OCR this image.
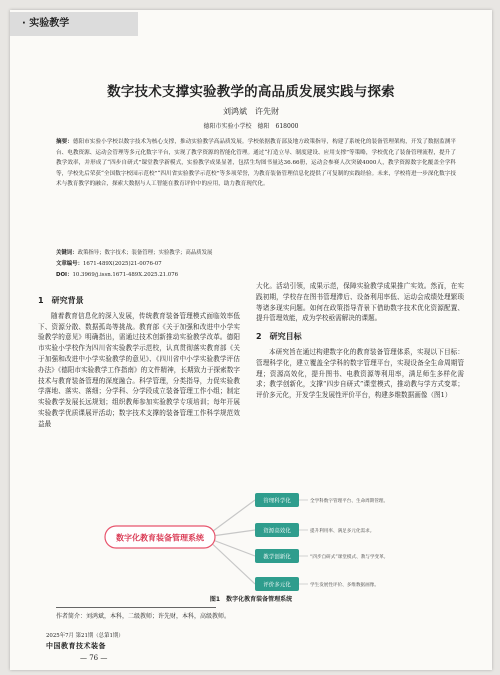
· 实验教学
数字技术支撑实验教学的高品质发展实践与探索
刘鸿斌　许先财
德阳市实验小学校　德阳　618000
摘要：德阳市实验小学校以数字技术为核心支撑，推动实验教学高品质发展。学校依据教育部及地方政策指导，构建了系统化的装备管理架构，开发了数据监测平台、电教资源、运动会管理等多元化数字平台，实现了教学资源的智能化管理。通过“打造立导、制度建设、应用支撑”等策略，学校优化了装备管理流程，提升了教学效率，并形成了“四步自研式”课堂教学新模式，实验教学成果显著，包括生均图书量达36.66册，运动会参赛人次突破4000人，教学资源数字化覆盖全学科等，学校先后荣获“全国数字校园示范校”“四川省实验教学示范校”等多项荣誉，为教育装备管理信息化提供了可复制的实践经验。未来，学校将进一步深化数字技术与教育教学的融合，探索大数据与人工智能在教育评价中的应用，助力教育现代化。
关键词：政策指导；数字技术；装备管理；实验教学；高品质发展
文章编号：1671-489X(2025)21-0076-07
DOI：10.3969/j.issn.1671-489X.2025.21.076
1　研究背景

随着教育信息化的深入发展，传统教育装备管理模式面临效率低下、资源分散、数据孤岛等挑战。教育部《关于加强和改进中小学实验教学的意见》明确指出，需通过技术创新推动实验教学改革。德阳市实验小学校作为四川省实验教学示范校，认真贯彻落实教育部《关于加强和改进中小学实验教学的意见》、《四川省中小学实验教学评估办法》《德阳市实验教学工作指南》的文件精神，长期致力于探索数字技术与教育装备管理的深度融合。科学管理，分类指导，力促实验教学落地、落实、落细；分学科、分学段成立装备管理工作小组；制定实验教学发展长远规划；组织教师参加实验教学专项培训；每年开展实验教学优质课展评活动；数字技术支撑的装备管理工作科学规范效益最

大化。活动引领，成果示范，保障实验教学成果推广实效。然而，在实践初期，学校存在图书管理滞后、设备利用率低、运动会成绩处理繁琐等诸多现实问题。如何在政策指导背景下借助数字技术优化资源配置、提升管理效能，成为学校亟需解决的课题。

2　研究目标

本研究旨在通过构建数字化的教育装备管理体系，实现以下目标：管理科学化，建立覆盖全学科的数字管理平台，实现设备全生命周期管理；资源高效化，提升图书、电教资源等利用率，满足师生多样化需求；教学创新化，支撑“四步自研式”课堂模式，推动教与学方式变革；评价多元化，开发学生发展性评价平台，构建多维数据画像（图1）

数字化教育装备管理系统
管理科学化	全学科数字管理平台、生命周期管理。
资源高效化	提升利用率、满足多元化需求。
教学创新化	“四步自研式”课堂模式、教与学变革。
评价多元化	学生发展性评价、多维数据画像。
图1　数字化教育装备管理系统
作者简介：刘鸿斌，本科，二级教师；许先财，本科，高级教师。
2025年7月 第21期（总第1期）
中国教育技术装备
— 76 —
